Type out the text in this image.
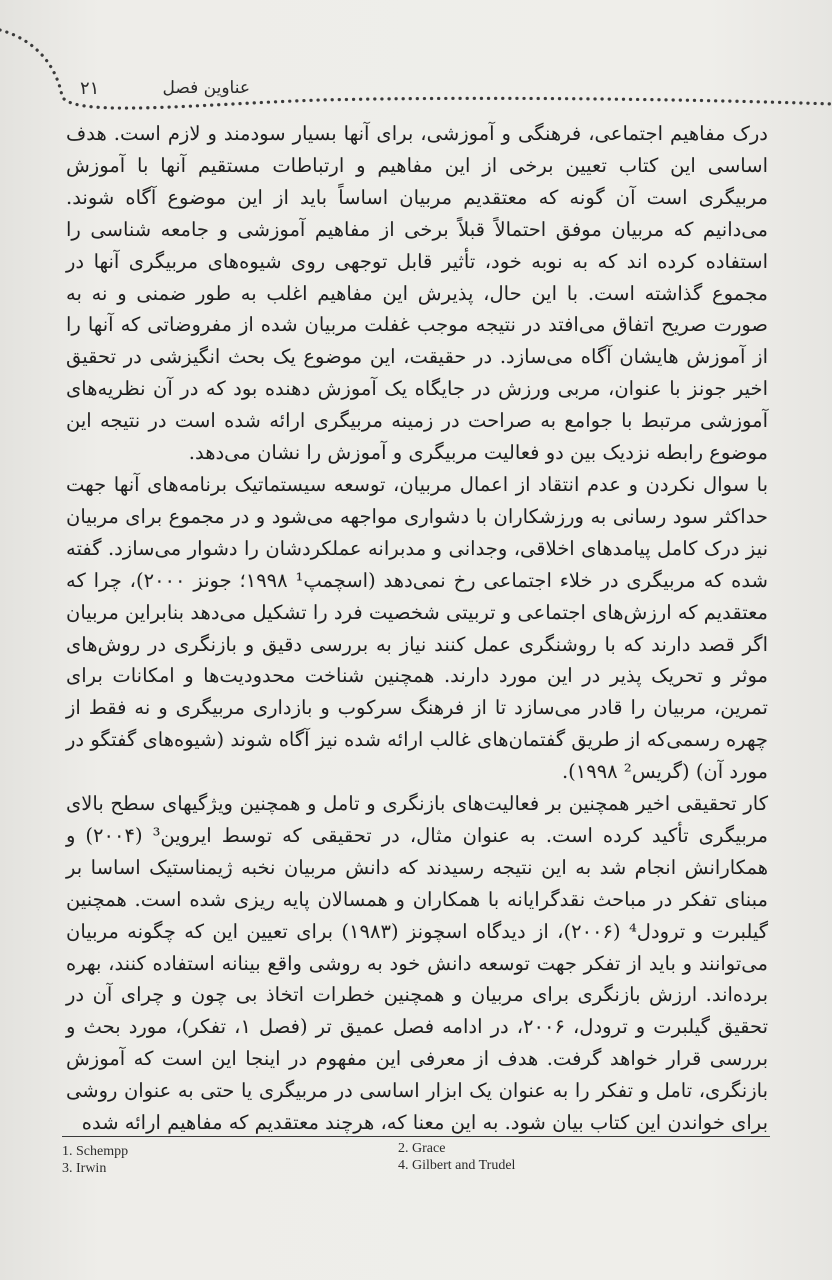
عناوین فصل
۲۱

درک مفاهیم اجتماعی، فرهنگی و آموزشی، برای آنها بسیار سودمند و لازم است. هدف اساسی این کتاب تعیین برخی از این مفاهیم و ارتباطات مستقیم آنها با آموزش مربیگری است آن گونه که معتقدیم مربیان اساساً باید از این موضوع آگاه شوند. می‌دانیم که مربیان موفق احتمالاً قبلاً برخی از مفاهیم آموزشی و جامعه شناسی را استفاده کرده اند که به نوبه خود، تأثیر قابل توجهی روی شیوه‌های مربیگری آنها در مجموع گذاشته است. با این حال، پذیرش این مفاهیم اغلب به طور ضمنی و نه به صورت صریح اتفاق می‌افتد در نتیجه موجب غفلت مربیان شده از مفروضاتی که آنها را از آموزش هایشان آگاه می‌سازد. در حقیقت، این موضوع یک بحث انگیزشی در تحقیق اخیر جونز با عنوان، مربی ورزش در جایگاه یک آموزش دهنده بود که در آن نظریه‌های آموزشی مرتبط با جوامع به صراحت در زمینه مربیگری ارائه شده است در نتیجه این موضوع رابطه نزدیک بین دو فعالیت مربیگری و آموزش را نشان می‌دهد.

با سوال نکردن و عدم انتقاد از اعمال مربیان، توسعه سیستماتیک برنامه‌های آنها جهت حداکثر سود رسانی به ورزشکاران با دشواری مواجهه می‌شود و در مجموع برای مربیان نیز درک کامل پیامدهای اخلاقی، وجدانی و مدبرانه عملکردشان را دشوار می‌سازد. گفته شده که مربیگری در خلاء اجتماعی رخ نمی‌دهد (اسچمپ¹ ۱۹۹۸؛ جونز ۲۰۰۰)، چرا که معتقدیم که ارزش‌های اجتماعی و تربیتی شخصیت فرد را تشکیل می‌دهد بنابراین مربیان اگر قصد دارند که با روشنگری عمل کنند نیاز به بررسی دقیق و بازنگری در روش‌های موثر و تحریک پذیر در این مورد دارند. همچنین شناخت محدودیت‌ها و امکانات برای تمرین، مربیان را قادر می‌سازد تا از فرهنگ سرکوب و بازداری مربیگری و نه فقط از چهره رسمی‌که از طریق گفتمان‌های غالب ارائه شده نیز آگاه شوند (شیوه‌های گفتگو در مورد آن) (گریس² ۱۹۹۸).

کار تحقیقی اخیر همچنین بر فعالیت‌های بازنگری و تامل و همچنین ویژگیهای سطح بالای مربیگری تأکید کرده است. به عنوان مثال، در تحقیقی که توسط ایروین³ (۲۰۰۴) و همکارانش انجام شد به این نتیجه رسیدند که دانش مربیان نخبه ژیمناستیک اساسا بر مبنای تفکر در مباحث نقدگرایانه با همکاران و همسالان پایه ریزی شده است. همچنین گیلبرت و ترودل⁴ (۲۰۰۶)، از دیدگاه اسچونز (۱۹۸۳) برای تعیین این که چگونه مربیان می‌توانند و باید از تفکر جهت توسعه دانش خود به روشی واقع بینانه استفاده کنند، بهره برده‌اند. ارزش بازنگری برای مربیان و همچنین خطرات اتخاذ بی چون و چرای آن در تحقیق گیلبرت و ترودل، ۲۰۰۶، در ادامه فصل عمیق تر (فصل ۱، تفکر)، مورد بحث و بررسی قرار خواهد گرفت. هدف از معرفی این مفهوم در اینجا این است که آموزش بازنگری، تامل و تفکر را به عنوان یک ابزار اساسی در مربیگری یا حتی به عنوان روشی برای خواندن این کتاب بیان شود. به این معنا که، هرچند معتقدیم که مفاهیم ارائه شده

1. Schempp	2. Grace
3. Irwin	4. Gilbert and Trudel
